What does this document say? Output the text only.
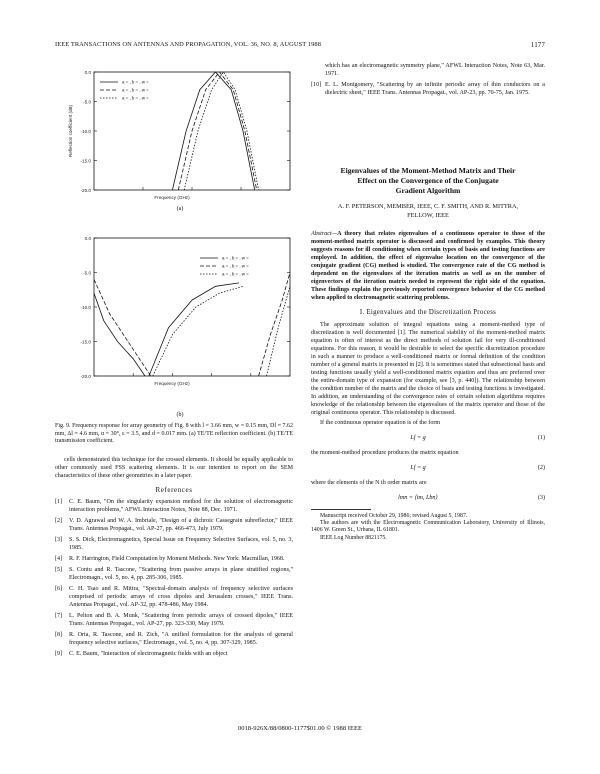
IEEE TRANSACTIONS ON ANTENNAS AND PROPAGATION, VOL. 36, NO. 8, AUGUST 1988	1177
0.0
-5.0
-10.0
-15.0
-20.0
Reflection coefficient (dB)
Frequency (GHz)
a = , b = , w =
a = , b = , w =
a = , b = , w =
(a)
0.0
-5.0
-10.0
-15.0
-20.0
Frequency (GHz)
a = , b = , w =
a = , b = , w =
a = , b = , w =
(b)
Fig. 9. Frequency response for array geometry of Fig. 8 with l = 3.66 mm, w = 0.15 mm, Dl = 7.62 mm, Δl = 4.6 mm, α = 30°, ε = 3.5, and d = 0.017 mm. (a) TE/TE reflection coefficient. (b) TE/TE transmission coefficient.

cells demonstrated this technique for the crossed elements. It should be equally applicable to other commonly used FSS scattering elements. It is our intention to report on the SEM characteristics of these other geometries in a later paper.

References
[1]	C. E. Baum, "On the singularity expansion method for the solution of electromagnetic interaction problems," AFWL Interaction Notes, Note 88, Dec. 1971.
[2]	V. D. Agrawal and W. A. Imbriale, "Design of a dichroic Cassegrain subreflector," IEEE Trans. Antennas Propagat., vol. AP-27, pp. 466-473, July 1979.
[3]	S. S. Dick, Electromagnetics, Special Issue on Frequency Selective Surfaces, vol. 5, no. 3, 1985.
[4]	R. F. Harrington, Field Computation by Moment Methods. New York: Macmillan, 1968.
[5]	S. Contu and R. Tascone, "Scattering from passive arrays in plane stratified regions," Electromagn., vol. 5, no. 4, pp. 285-306, 1985.
[6]	C. H. Tsao and R. Mittra, "Spectral-domain analysis of frequency selective surfaces comprised of periodic arrays of cross dipoles and Jerusalem crosses," IEEE Trans. Antennas Propagat., vol. AP-32, pp. 478-486, May 1984.
[7]	L. Pelton and B. A. Munk, "Scattering from periodic arrays of crossed dipoles," IEEE Trans. Antennas Propagat., vol. AP-27, pp. 323-330, May 1979.
[8]	R. Orta, R. Tascone, and R. Zich, "A unified formulation for the analysis of general frequency selective surfaces," Electromagn., vol. 5, no. 4, pp. 307-329, 1985.
[9]	C. E. Baum, "Interaction of electromagnetic fields with an object
which has an electromagnetic symmetry plane," AFWL Interaction Notes, Note 63, Mar. 1971.
[10] E. L. Montgomery, "Scattering by an infinite periodic array of thin conductors on a dielectric sheet," IEEE Trans. Antennas Propagat., vol. AP-23, pp. 70-75, Jan. 1975.
Eigenvalues of the Moment-Method Matrix and Their
Effect on the Convergence of the Conjugate
Gradient Algorithm
A. F. PETERSON, MEMBER, IEEE, C. F. SMITH, AND R. MITTRA,
FELLOW, IEEE
Abstract—A theory that relates eigenvalues of a continuous operator to those of the moment-method matrix operator is discussed and confirmed by examples. This theory suggests reasons for ill conditioning when certain types of basis and testing functions are employed. In addition, the effect of eigenvalue location on the convergence of the conjugate gradient (CG) method is studied. The convergence rate of the CG method is dependent on the eigenvalues of the iteration matrix as well as on the number of eigenvectors of the iteration matrix needed to represent the right side of the equation. These findings explain the previously reported convergence behavior of the CG method when applied to electromagnetic scattering problems.
I. Eigenvalues and the Discretization Process

The approximate solution of integral equations using a moment-method type of discretization is well documented [1]. The numerical stability of the moment-method matrix equation is often of interest as the direct methods of solution fail for very ill-conditioned equations. For this reason, it would be desirable to select the specific discretization procedure in such a manner to produce a well-conditioned matrix or formal definition of the condition number of a general matrix is presented in [2]. It is sometimes stated that subsectional basis and testing functions usually yield a well-conditioned matrix equation and thus are preferred over the entire-domain type of expansion (for example, see [3, p. 440]). The relationship between the condition number of the matrix and the choice of basis and testing functions is investigated. In addition, an understanding of the convergence rates of certain solution algorithms requires knowledge of the relationship between the eigenvalues of the matrix operator and those of the original continuous operator. This relationship is discussed.

If the continuous operator equation is of the form

Lf = g	(1)

the moment-method procedure produces the matrix equation

Lf = g	(2)

where the elements of the N th order matrix are

lmn = ⟨tm, Lbn⟩	(3)
Manuscript received October 29, 1986; revised August 5, 1987.
The authors are with the Electromagnetic Communication Laboratory, University of Illinois, 1406 W. Green St., Urbana, IL 61801.
IEEE Log Number 8821175.
0018-926X/88/0800-1177$01.00 © 1988 IEEE
